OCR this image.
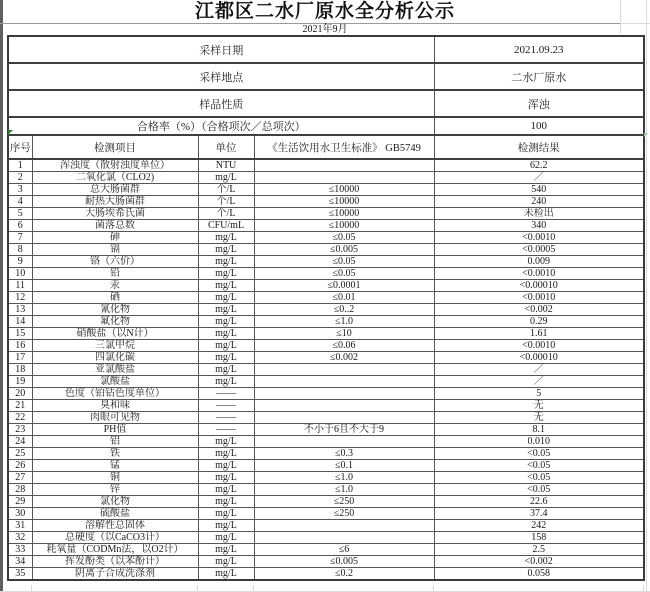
江都区二水厂原水全分析公示
2021年9月
采样日期				2021.09.23
采样地点				二水厂原水
样品性质				浑浊
合格率（%）（合格项次／总项次）				100
序号	检测项目	单位	《生活饮用水卫生标准》 GB5749	检测结果
1	浑浊度（散射浊度单位）	NTU		62.2
2	二氧化氯（CLO2)	mg/L		／
3	总大肠菌群	个/L	≤10000	540
4	耐热大肠菌群	个/L	≤10000	240
5	大肠埃希氏菌	个/L	≤10000	未检出
6	菌落总数	CFU/mL	≤10000	340
7	砷	mg/L	≤0.05	<0.0010
8	镉	mg/L	≤0.005	<0.0005
9	铬（六价）	mg/L	≤0.05	0.009
10	铅	mg/L	≤0.05	<0.0010
11	汞	mg/L	≤0.0001	<0.00010
12	硒	mg/L	≤0.01	<0.0010
13	氰化物	mg/L	≤0..2	<0.002
14	氟化物	mg/L	≤1.0	0.29
15	硝酸盐（以N计）	mg/L	≤10	1.61
16	三氯甲烷	mg/L	≤0.06	<0.0010
17	四氯化碳	mg/L	≤0.002	<0.00010
18	亚氯酸盐	mg/L		／
19	氯酸盐	mg/L		／
20	色度（铂钴色度单位）	——		5
21	臭和味	——		无
22	肉眼可见物	——		无
23	PH值	——	不小于6且不大于9	8.1
24	铝	mg/L		0.010
25	铁	mg/L	≤0.3	<0.05
26	锰	mg/L	≤0.1	<0.05
27	铜	mg/L	≤1.0	<0.05
28	锌	mg/L	≤1.0	<0.05
29	氯化物	mg/L	≤250	22.6
30	硫酸盐	mg/L	≤250	37.4
31	溶解性总固体	mg/L		242
32	总硬度（以CaCO3计）	mg/L		158
33	耗氧量（CODMn法，以O2计）	mg/L	≤6	2.5
34	挥发酚类（以苯酚计）	mg/L	≤0.005	<0.002
35	阴离子合成洗涤剂	mg/L	≤0.2	0.058
